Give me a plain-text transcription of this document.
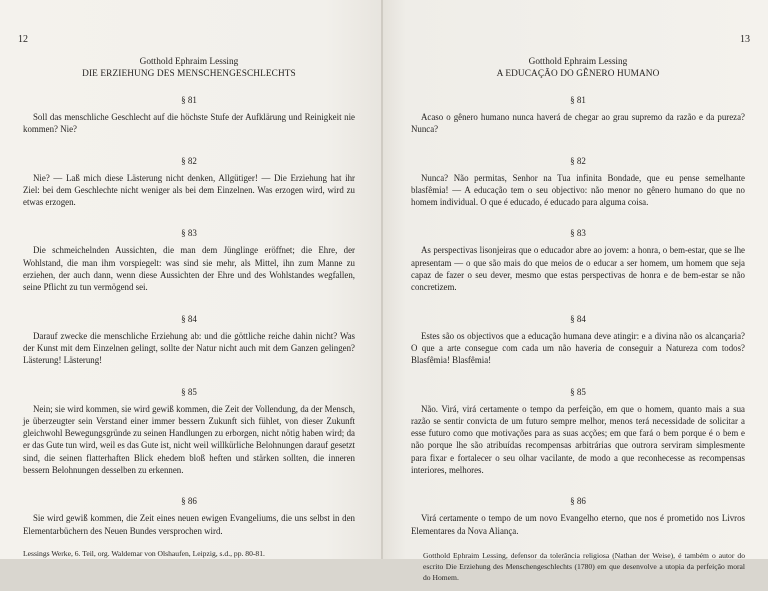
12

Gotthold Ephraim Lessing

DIE ERZIEHUNG DES MENSCHENGESCHLECHTS

§ 81

Soll das menschliche Geschlecht auf die höchste Stufe der Aufklärung und Reinigkeit nie kommen? Nie?

§ 82

Nie? — Laß mich diese Lästerung nicht denken, Allgütiger! — Die Erziehung hat ihr Ziel: bei dem Geschlechte nicht weniger als bei dem Einzelnen. Was erzogen wird, wird zu etwas erzogen.

§ 83

Die schmeichelnden Aussichten, die man dem Jünglinge eröffnet; die Ehre, der Wohlstand, die man ihm vorspiegelt: was sind sie mehr, als Mittel, ihn zum Manne zu erziehen, der auch dann, wenn diese Aussichten der Ehre und des Wohlstandes wegfallen, seine Pflicht zu tun vermögend sei.

§ 84

Darauf zwecke die menschliche Erziehung ab: und die göttliche reiche dahin nicht? Was der Kunst mit dem Einzelnen gelingt, sollte der Natur nicht auch mit dem Ganzen gelingen? Lästerung! Lästerung!

§ 85

Nein; sie wird kommen, sie wird gewiß kommen, die Zeit der Vollendung, da der Mensch, je überzeugter sein Verstand einer immer bessern Zukunft sich fühlet, von dieser Zukunft gleichwohl Bewegungsgründe zu seinen Handlungen zu erborgen, nicht nötig haben wird; da er das Gute tun wird, weil es das Gute ist, nicht weil willkürliche Belohnungen darauf gesetzt sind, die seinen flatterhaften Blick ehedem bloß heften und stärken sollten, die inneren bessern Belohnungen desselben zu erkennen.

§ 86

Sie wird gewiß kommen, die Zeit eines neuen ewigen Evangeliums, die uns selbst in den Elementarbüchern des Neuen Bundes versprochen wird.

Lessings Werke, 6. Teil, org. Waldemar von Olshaufen, Leipzig, s.d., pp. 80-81.

13

Gotthold Ephraim Lessing

A EDUCAÇÃO DO GÊNERO HUMANO

§ 81

Acaso o gênero humano nunca haverá de chegar ao grau supremo da razão e da pureza? Nunca?

§ 82

Nunca? Não permitas, Senhor na Tua infinita Bondade, que eu pense semelhante blasfêmia! — A educação tem o seu objectivo: não menor no gênero humano do que no homem individual. O que é educado, é educado para alguma coisa.

§ 83

As perspectivas lisonjeiras que o educador abre ao jovem: a honra, o bem-estar, que se lhe apresentam — o que são mais do que meios de o educar a ser homem, um homem que seja capaz de fazer o seu dever, mesmo que estas perspectivas de honra e de bem-estar se não concretizem.

§ 84

Estes são os objectivos que a educação humana deve atingir: e a divina não os alcançaria? O que a arte consegue com cada um não haveria de conseguir a Natureza com todos? Blasfêmia! Blasfêmia!

§ 85

Não. Virá, virá certamente o tempo da perfeição, em que o homem, quanto mais a sua razão se sentir convicta de um futuro sempre melhor, menos terá necessidade de solicitar a esse futuro como que motivações para as suas acções; em que fará o bem porque é o bem e não porque lhe são atribuídas recompensas arbitrárias que outrora serviram simplesmente para fixar e fortalecer o seu olhar vacilante, de modo a que reconhecesse as recompensas interiores, melhores.

§ 86

Virá certamente o tempo de um novo Evangelho eterno, que nos é prometido nos Livros Elementares da Nova Aliança.

Gotthold Ephraim Lessing, defensor da tolerância religiosa (Nathan der Weise), é também o autor do escrito Die Erziehung des Menschengeschlechts (1780) em que desenvolve a utopia da perfeição moral do Homem.
